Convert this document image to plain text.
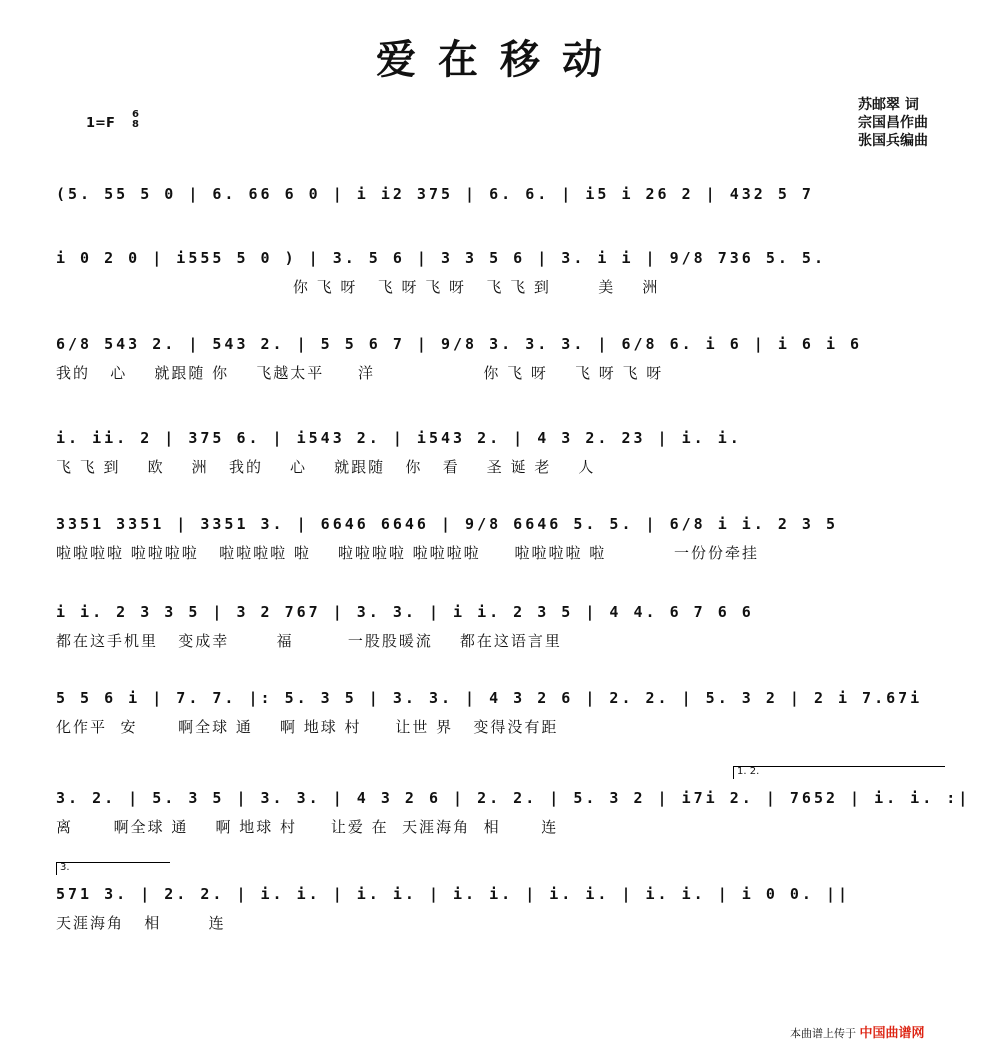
爱在移动
1=F
6
8
苏邮翠 词
宗国昌作曲
张国兵编曲
(5. 55 5 0 | 6. 66 6 0 | i i2 375 | 6. 6. | i5 i 26 2 | 432 5 7
i 0 2 0 | i555 5 0 ) | 3. 5 6 | 3 3 5 6 | 3. i i | 9/8 736 5. 5.
你 飞 呀   飞 呀 飞 呀   飞 飞 到       美    洲
6/8 543 2. | 543 2. | 5 5 6 7 | 9/8 3. 3. 3. | 6/8 6. i 6 | i 6 i 6
我的   心    就跟随 你    飞越太平     洋                你 飞 呀    飞 呀 飞 呀
i. ii. 2 | 375 6. | i543 2. | i543 2. | 4 3 2. 23 | i. i.
飞 飞 到    欧    洲   我的    心    就跟随   你   看    圣 诞 老    人
3351 3351 | 3351 3. | 6646 6646 | 9/8 6646 5. 5. | 6/8 i i. 2 3 5
啦啦啦啦 啦啦啦啦   啦啦啦啦 啦    啦啦啦啦 啦啦啦啦     啦啦啦啦 啦          一份份牵挂
i i. 2 3 3 5 | 3 2 767 | 3. 3. | i i. 2 3 5 | 4 4. 6 7 6 6
都在这手机里   变成幸       福        一股股暖流    都在这语言里
5 5 6 i | 7. 7. |: 5. 3 5 | 3. 3. | 4 3 2 6 | 2. 2. | 5. 3 2 | 2 i 7.67i
化作平  安      啊全球 通    啊 地球 村     让世 界   变得没有距
3. 2. | 5. 3 5 | 3. 3. | 4 3 2 6 | 2. 2. | 5. 3 2 | i7i 2. | 7652 | i. i. :|
离      啊全球 通    啊 地球 村     让爱 在  天涯海角  相      连
1. 2.
571 3. | 2. 2. | i. i. | i. i. | i. i. | i. i. | i. i. | i 0 0. ||
天涯海角   相       连
3.
本曲谱上传于 中国曲谱网
